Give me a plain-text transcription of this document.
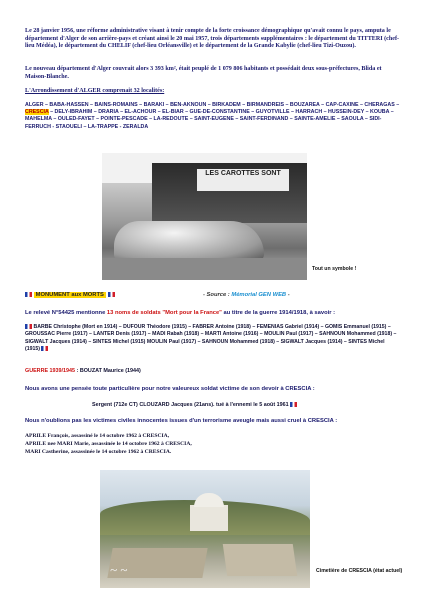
Le 28 janvier 1956, une réforme administrative visant à tenir compte de la forte croissance démographique qu'avait connu le pays, amputa le département d'Alger de son arrière-pays et créant ainsi le 20 mai 1957, trois départements supplémentaires : le département du TITTERI (chef-lieu Médéa), le département du CHELIF (chef-lieu Orléansville) et le département de la Grande Kabylie (chef-lieu Tizi-Ouzou).

Le nouveau département d'Alger couvrait alors 3 393 km², était peuplé de 1 079 806 habitants et possédait deux sous-préfectures, Blida et Maison-Blanche.

L'Arrondissement d'ALGER comprenait 32 localités:

ALGER – BABA-HASSEN – BAINS-ROMAINS – BARAKI – BEN-AKNOUN – BIRKADEM – BIRMANDREIS – BOUZAREA – CAP-CAXINE – CHERAGAS –CRESCIA – DELY-IBRAHIM – DRARIA – EL-ACHOUR – EL-BIAR – GUE-DE-CONSTANTINE – GUYOTVILLE – HARRACH – HUSSEIN-DEY – KOUBA – MAHELMA – OULED-FAYET – POINTE-PESCADE – LA-REDOUTE – SAINT-EUGENE – SAINT-FERDINAND – SAINTE-AMELIE – SAOULA – SIDI-FERRUCH - STAOUELI – LA-TRAPPE - ZERALDA

LES CAROTTES SONT
Tout un symbole !
MONUMENT aux MORTS	- Source : Mémorial GEN WEB -

Le relevé N°54425 mentionne 13 noms de soldats "Mort pour la France" au titre de la guerre 1914/1918, à savoir :

BARBE Christophe (Mort en 1914) – DUFOUR Théodore (1915) – FABRER Antoine (1918) – FEMENIAS Gabriel (1914) – GOMIS Emmanuel (1915) – GROUSSAC Pierre (1917) – LANTER Denis (1917) – MADI Rabah (1918) – MARTI Antoine (1916) – MOULIN Paul (1917) – SAHNOUN Mohammed (1918) – SIGWALT Jacques (1914) – SINTES Michel (1915) MOULIN Paul (1917) – SAHNOUN Mohammed (1918) – SIGWALT Jacques (1914) – SINTES Michel (1915)

GUERRE 1939/1945 : BOUZAT Maurice (1944)

Nous avons une pensée toute particulière pour notre valeureux soldat victime de son devoir à CRESCIA :

Sergent (712e CT) CLOUZARD Jacques (21ans). tué à l'ennemi le 5 août 1961

Nous n'oublions pas les victimes civiles innocentes issues d'un terrorisme aveugle mais aussi cruel à CRESCIA :

APRILE François, assassiné le 14 octobre 1962 à CRESCIA,
APRILE nee MARI Marie, assassinée le 14 octobre 1962 à CRESCIA,
MARI Castherine, assassinée le 14 octobre 1962 à CRESCIA.
~ ~	Cimetière de CRESCIA (état actuel)
